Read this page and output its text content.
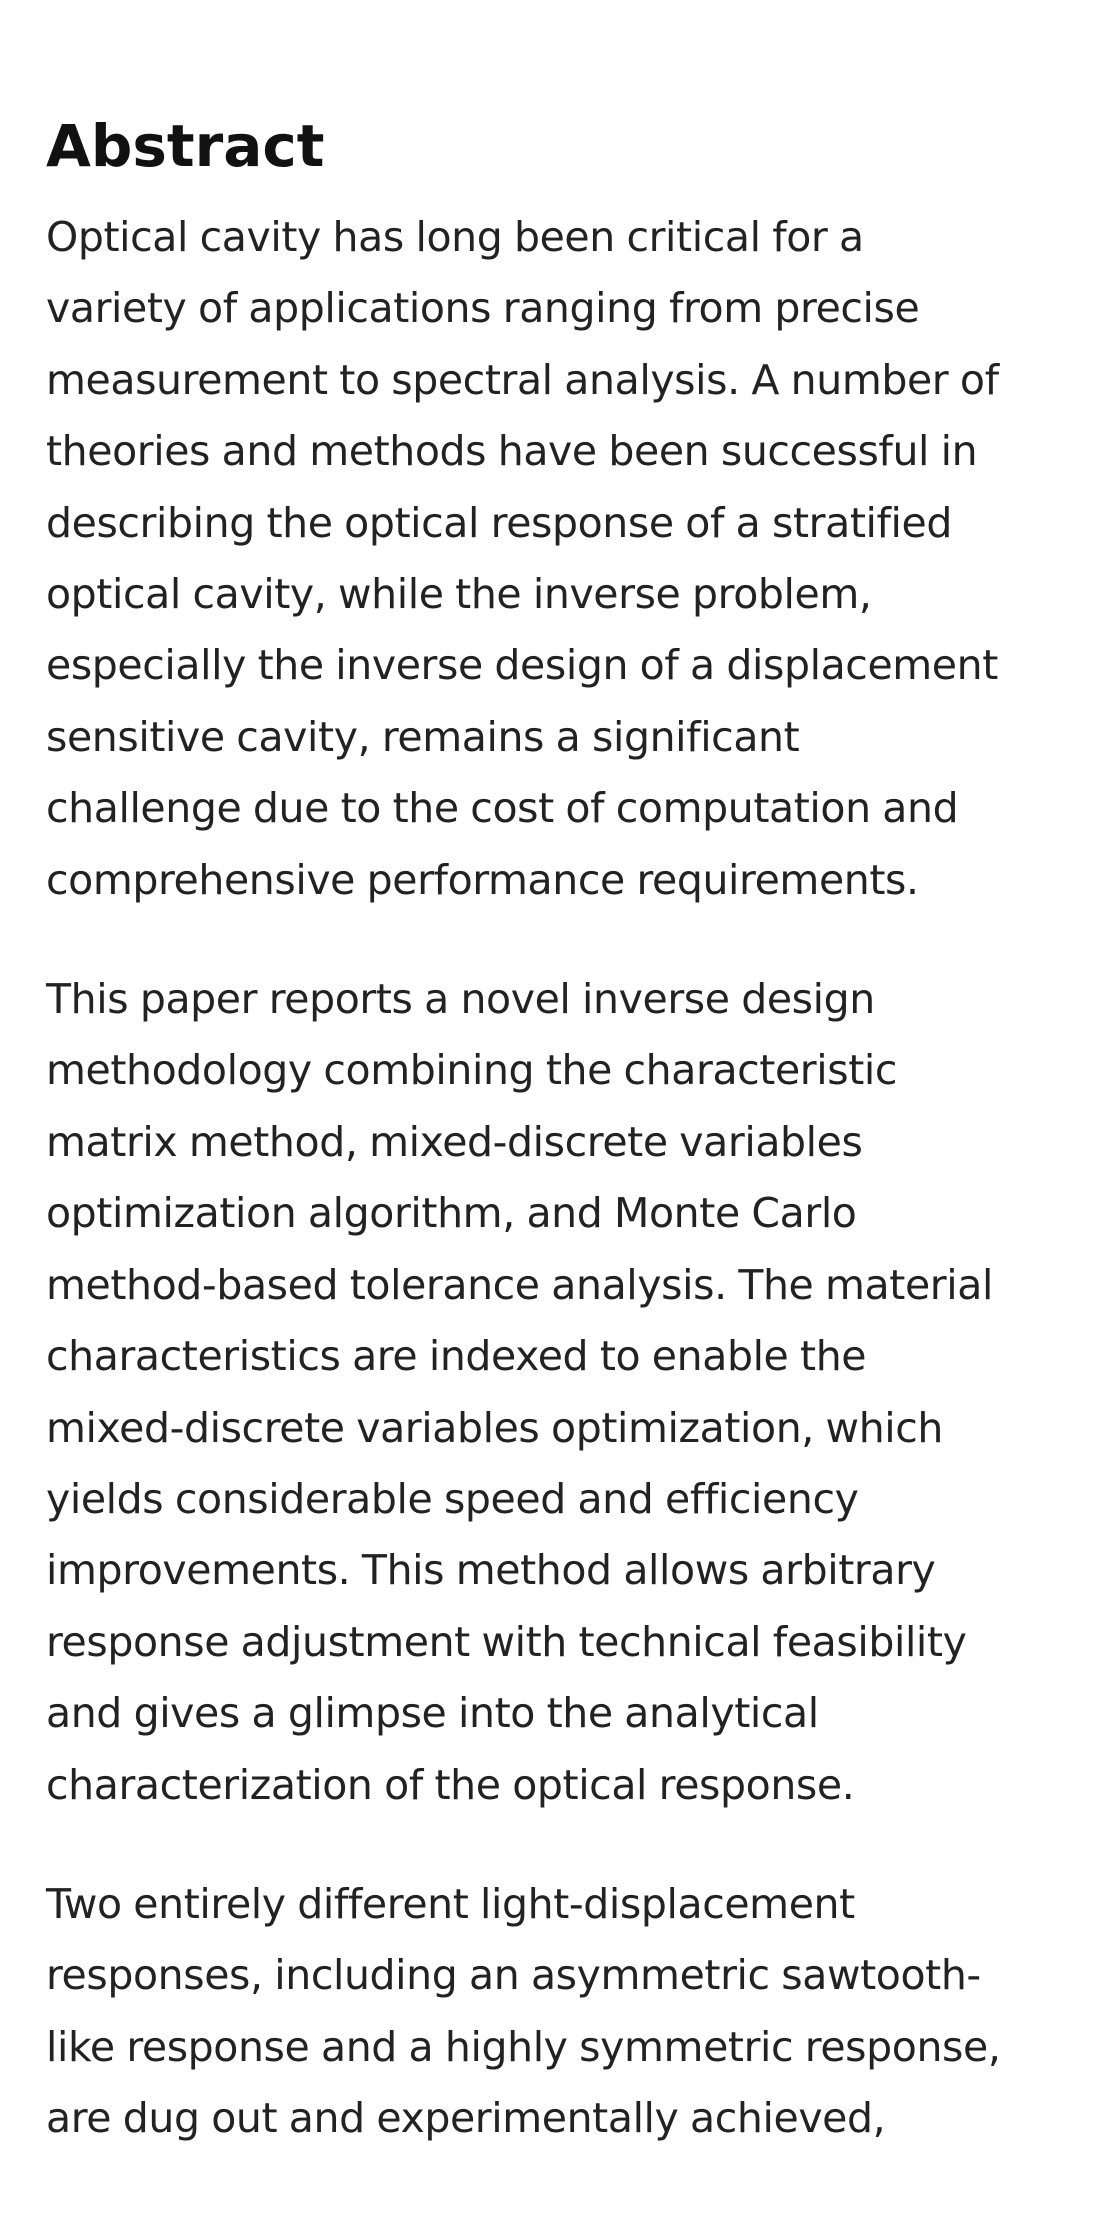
Abstract

Optical cavity has long been critical for a
variety of applications ranging from precise
measurement to spectral analysis. A number of
theories and methods have been successful in
describing the optical response of a stratified
optical cavity, while the inverse problem,
especially the inverse design of a displacement
sensitive cavity, remains a significant
challenge due to the cost of computation and
comprehensive performance requirements.

This paper reports a novel inverse design
methodology combining the characteristic
matrix method, mixed-discrete variables
optimization algorithm, and Monte Carlo
method-based tolerance analysis. The material
characteristics are indexed to enable the
mixed-discrete variables optimization, which
yields considerable speed and efficiency
improvements. This method allows arbitrary
response adjustment with technical feasibility
and gives a glimpse into the analytical
characterization of the optical response.

Two entirely different light-displacement
responses, including an asymmetric sawtooth-
like response and a highly symmetric response,
are dug out and experimentally achieved,
